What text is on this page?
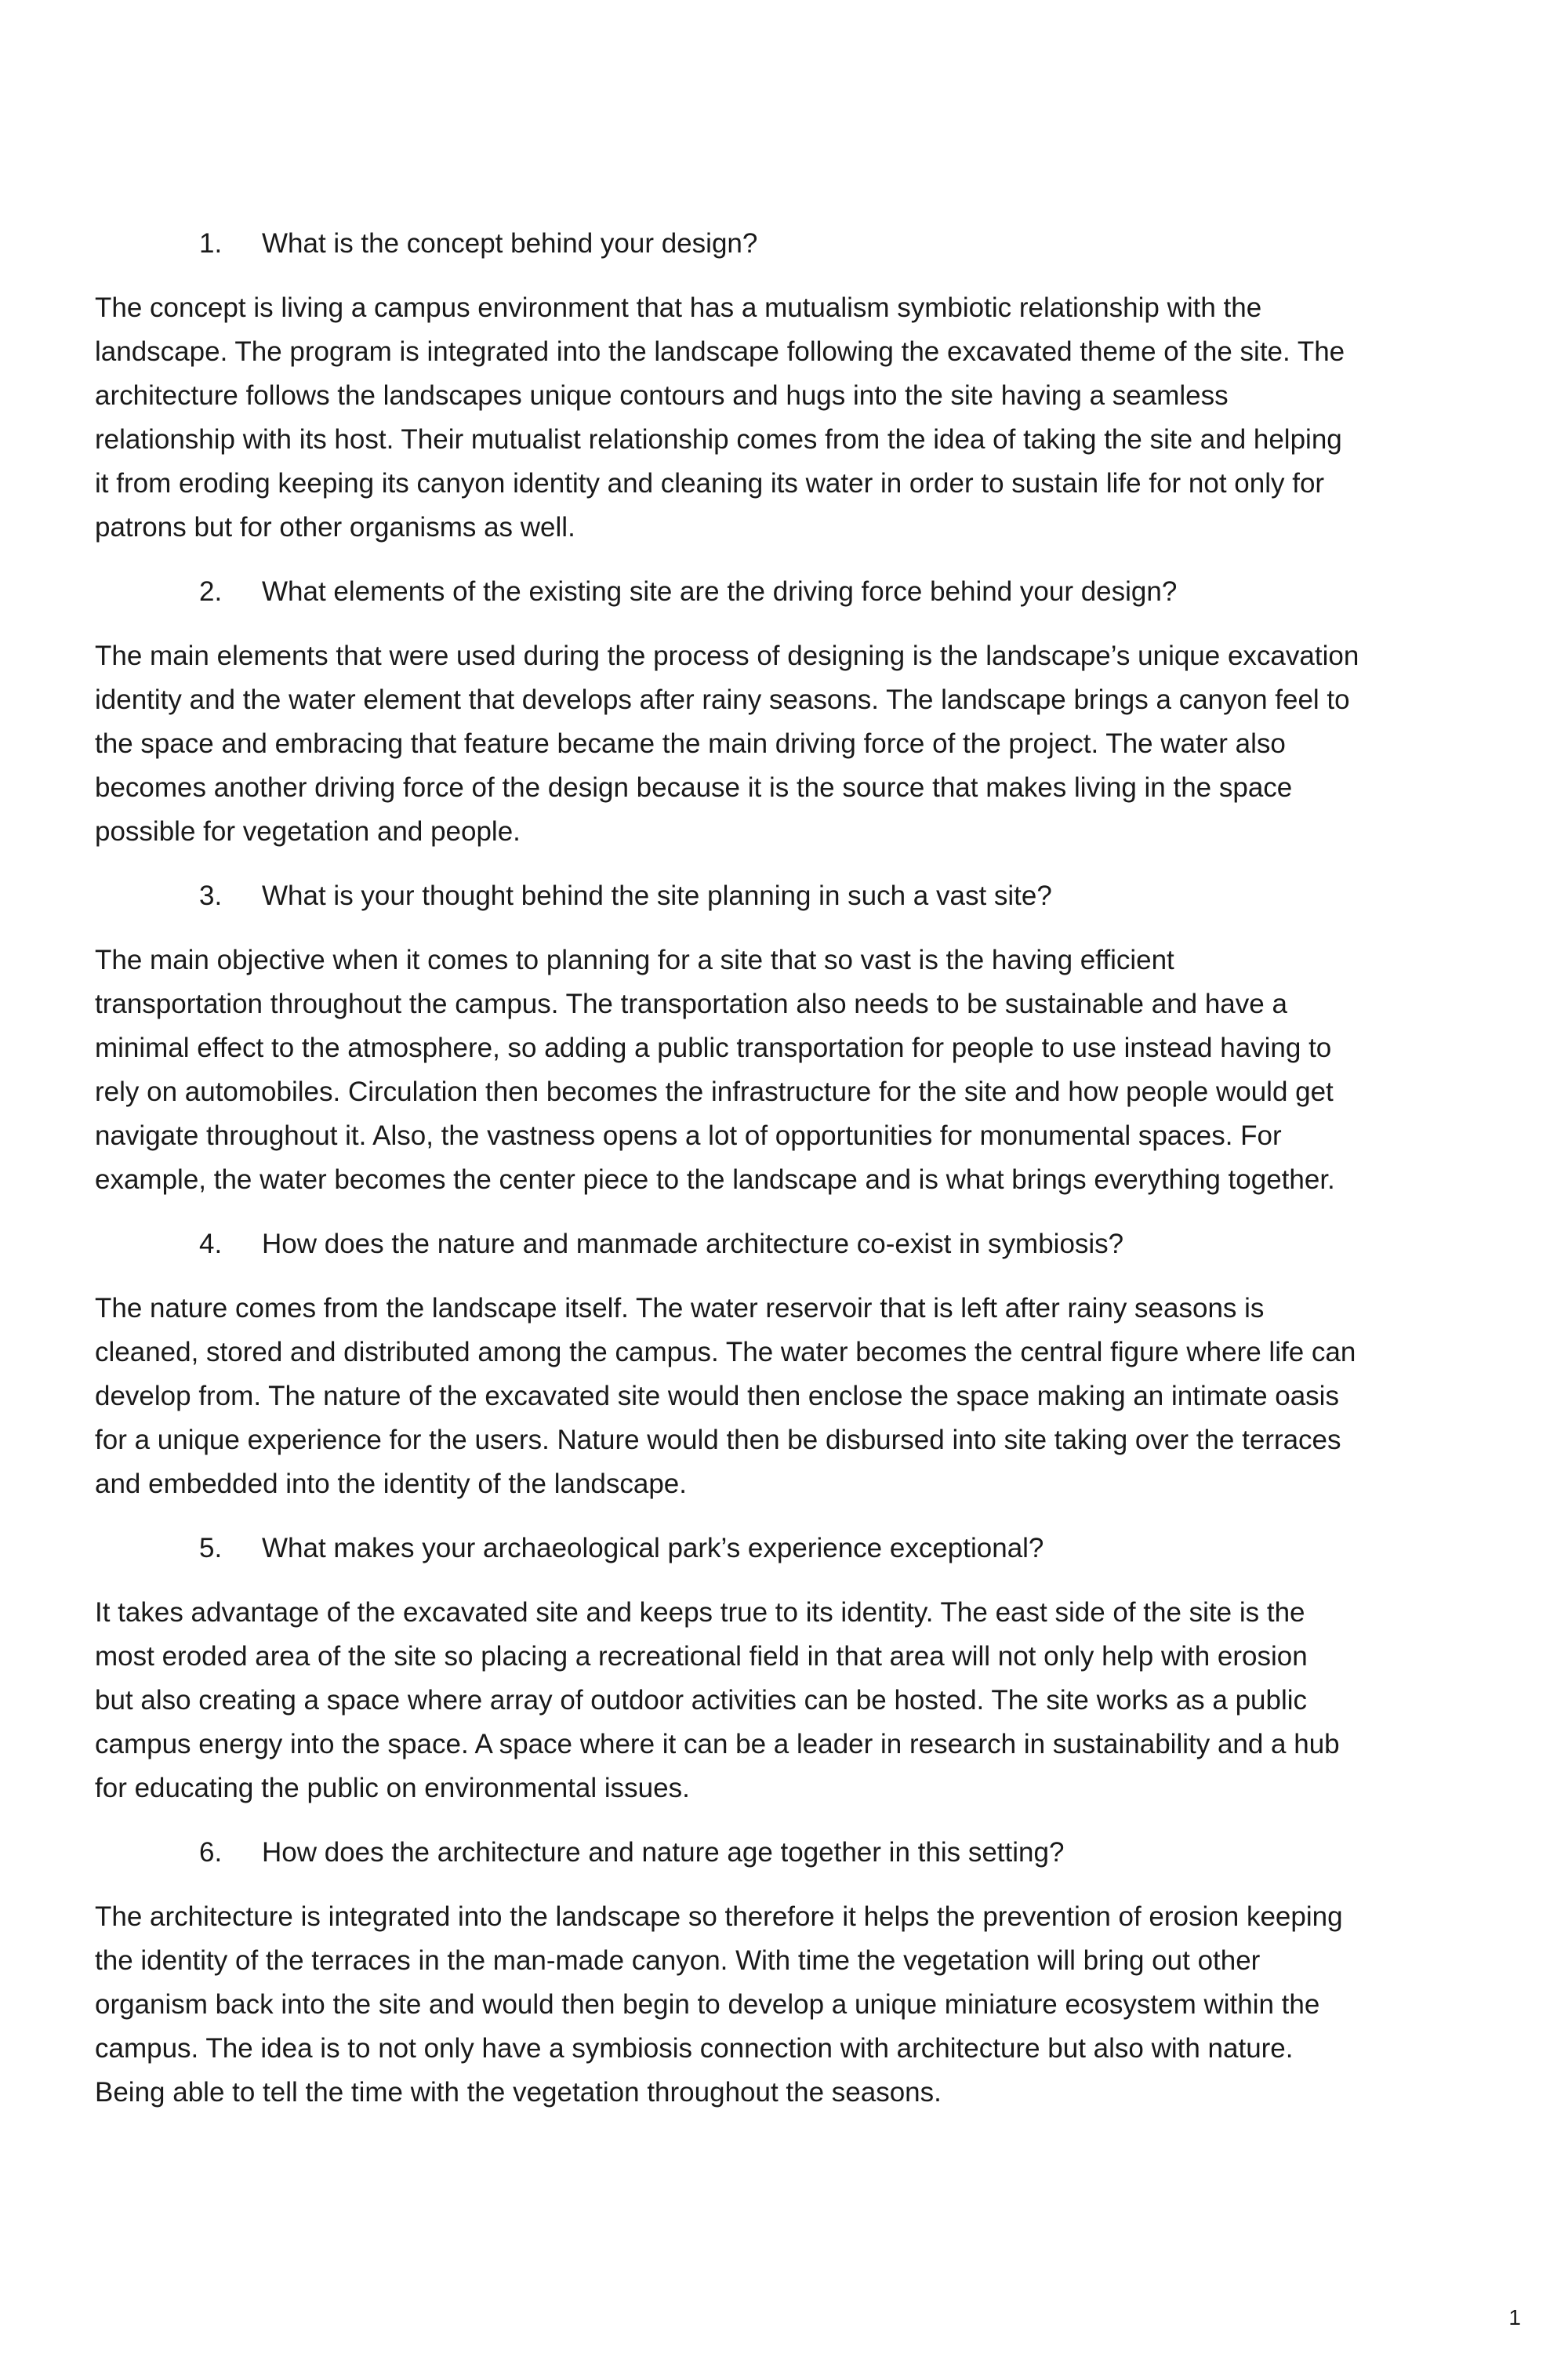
1.	What is the concept behind your design?

The concept is living a campus environment that has a mutualism symbiotic relationship with the
landscape. The program is integrated into the landscape following the excavated theme of the site. The
architecture follows the landscapes unique contours and hugs into the site having a seamless
relationship with its host. Their mutualist relationship comes from the idea of taking the site and helping
it from eroding keeping its canyon identity and cleaning its water in order to sustain life for not only for
patrons but for other organisms as well.

2.	What elements of the existing site are the driving force behind your design?

The main elements that were used during the process of designing is the landscape’s unique excavation
identity and the water element that develops after rainy seasons. The landscape brings a canyon feel to
the space and embracing that feature became the main driving force of the project. The water also
becomes another driving force of the design because it is the source that makes living in the space
possible for vegetation and people.

3.	What is your thought behind the site planning in such a vast site?

The main objective when it comes to planning for a site that so vast is the having efficient
transportation throughout the campus. The transportation also needs to be sustainable and have a
minimal effect to the atmosphere, so adding a public transportation for people to use instead having to
rely on automobiles. Circulation then becomes the infrastructure for the site and how people would get
navigate throughout it. Also, the vastness opens a lot of opportunities for monumental spaces. For
example, the water becomes the center piece to the landscape and is what brings everything together.

4.	How does the nature and manmade architecture co-exist in symbiosis?

The nature comes from the landscape itself. The water reservoir that is left after rainy seasons is
cleaned, stored and distributed among the campus. The water becomes the central figure where life can
develop from. The nature of the excavated site would then enclose the space making an intimate oasis
for a unique experience for the users. Nature would then be disbursed into site taking over the terraces
and embedded into the identity of the landscape.

5.	What makes your archaeological park’s experience exceptional?

It takes advantage of the excavated site and keeps true to its identity. The east side of the site is the
most eroded area of the site so placing a recreational field in that area will not only help with erosion
but also creating a space where array of outdoor activities can be hosted. The site works as a public
campus energy into the space. A space where it can be a leader in research in sustainability and a hub
for educating the public on environmental issues.

6.	How does the architecture and nature age together in this setting?

The architecture is integrated into the landscape so therefore it helps the prevention of erosion keeping
the identity of the terraces in the man-made canyon. With time the vegetation will bring out other
organism back into the site and would then begin to develop a unique miniature ecosystem within the
campus. The idea is to not only have a symbiosis connection with architecture but also with nature.
Being able to tell the time with the vegetation throughout the seasons.

1
